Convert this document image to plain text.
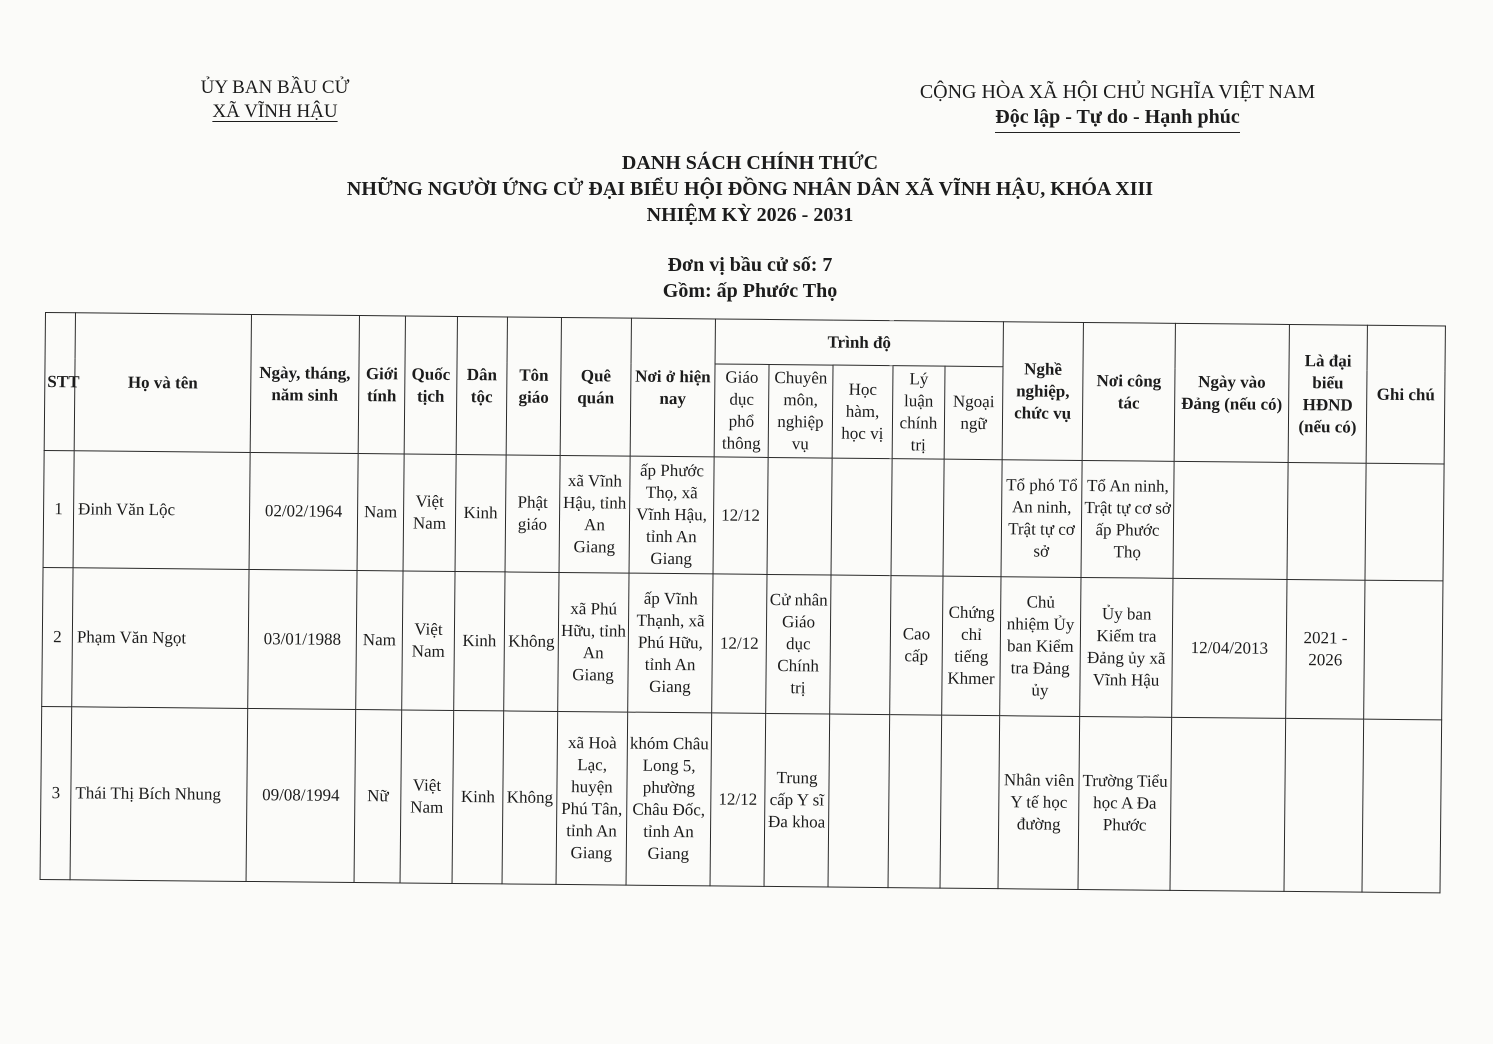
ỦY BAN BẦU CỬ
XÃ VĨNH HẬU
CỘNG HÒA XÃ HỘI CHỦ NGHĨA VIỆT NAM
Độc lập - Tự do - Hạnh phúc
DANH SÁCH CHÍNH THỨC
NHỮNG NGƯỜI ỨNG CỬ ĐẠI BIỂU HỘI ĐỒNG NHÂN DÂN XÃ VĨNH HẬU, KHÓA XIII
NHIỆM KỲ 2026 - 2031
Đơn vị bầu cử số: 7
Gồm: ấp Phước Thọ
STT	Họ và tên	Ngày, tháng, năm sinh	Giới tính	Quốc tịch	Dân tộc	Tôn giáo	Quê quán	Nơi ở hiện nay	Trình độ					Nghề nghiệp, chức vụ	Nơi công tác	Ngày vào Đảng (nếu có)	Là đại biểu HĐND (nếu có)	Ghi chú
									Giáo dục phổ thông	Chuyên môn, nghiệp vụ	Học hàm, học vị	Lý luận chính trị	Ngoại ngữ					
1	Đinh Văn Lộc	02/02/1964	Nam	Việt Nam	Kinh	Phật giáo	xã Vĩnh Hậu, tỉnh An Giang	ấp Phước Thọ, xã Vĩnh Hậu, tỉnh An Giang	12/12					Tổ phó Tổ An ninh, Trật tự cơ sở	Tổ An ninh, Trật tự cơ sở ấp Phước Thọ			
2	Phạm Văn Ngọt	03/01/1988	Nam	Việt Nam	Kinh	Không	xã Phú Hữu, tỉnh An Giang	ấp Vĩnh Thạnh, xã Phú Hữu, tỉnh An Giang	12/12	Cử nhân Giáo dục Chính trị		Cao cấp	Chứng chỉ tiếng Khmer	Chủ nhiệm Ủy ban Kiểm tra Đảng ủy	Ủy ban Kiểm tra Đảng ủy xã Vĩnh Hậu	12/04/2013	2021 - 2026	
3	Thái Thị Bích Nhung	09/08/1994	Nữ	Việt Nam	Kinh	Không	xã Hoà Lạc, huyện Phú Tân, tỉnh An Giang	khóm Châu Long 5, phường Châu Đốc, tỉnh An Giang	12/12	Trung cấp Y sĩ Đa khoa				Nhân viên Y tế học đường	Trường Tiểu học A Đa Phước			
